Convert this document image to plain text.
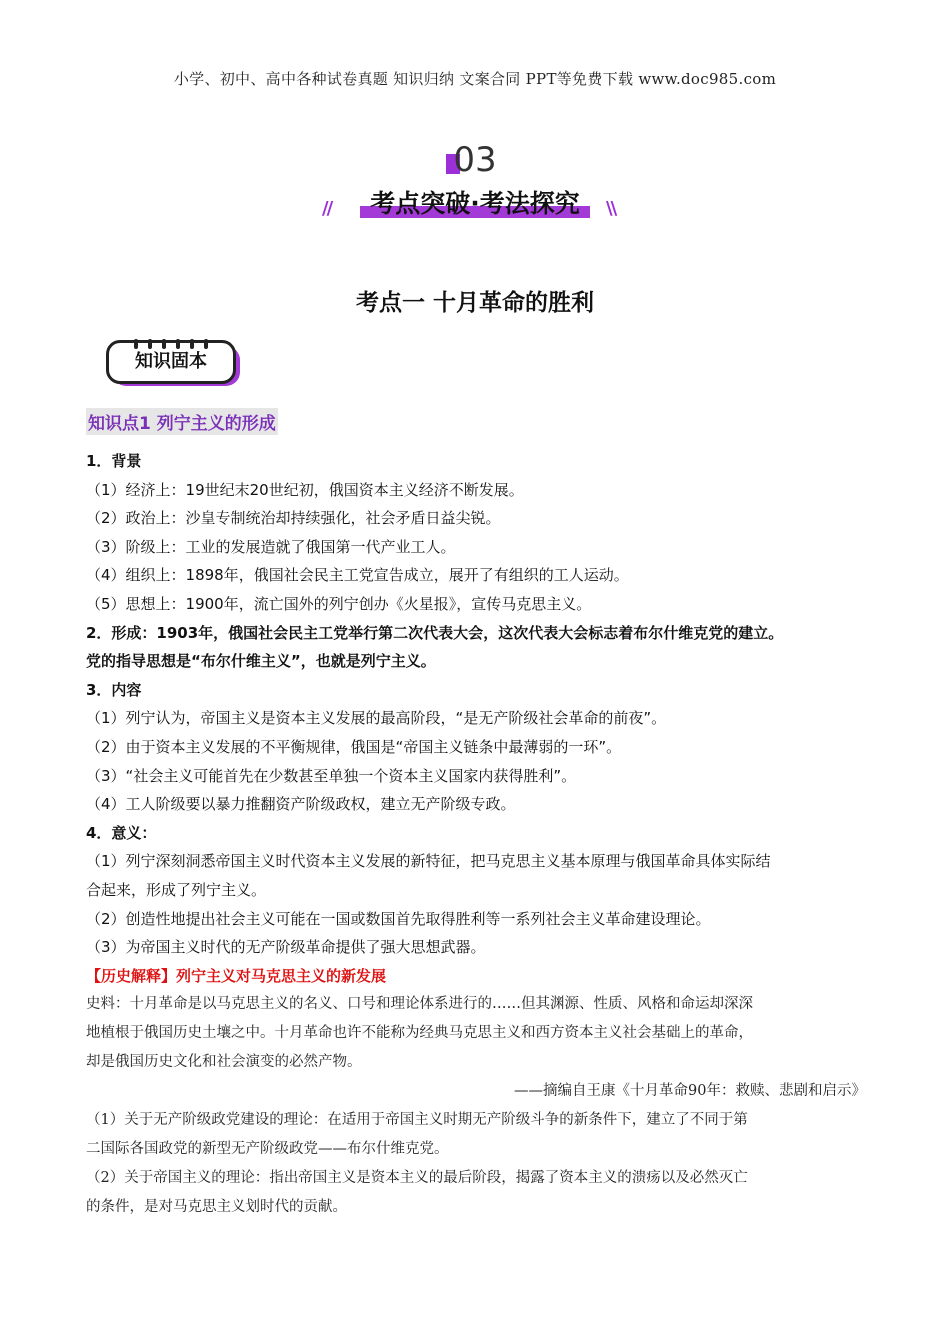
小学、初中、高中各种试卷真题 知识归纳 文案合同 PPT等免费下载 www.doc985.com
03
//	考点突破·考法探究	\\
考点一 十月革命的胜利
知识固本
知识点1 列宁主义的形成
1．背景
（1）经济上：19世纪末20世纪初，俄国资本主义经济不断发展。
（2）政治上：沙皇专制统治却持续强化，社会矛盾日益尖锐。
（3）阶级上：工业的发展造就了俄国第一代产业工人。
（4）组织上：1898年，俄国社会民主工党宣告成立，展开了有组织的工人运动。
（5）思想上：1900年，流亡国外的列宁创办《火星报》，宣传马克思主义。
2．形成：1903年，俄国社会民主工党举行第二次代表大会，这次代表大会标志着布尔什维克党的建立。
党的指导思想是“布尔什维主义”，也就是列宁主义。
3．内容
（1）列宁认为，帝国主义是资本主义发展的最高阶段，“是无产阶级社会革命的前夜”。
（2）由于资本主义发展的不平衡规律，俄国是“帝国主义链条中最薄弱的一环”。
（3）“社会主义可能首先在少数甚至单独一个资本主义国家内获得胜利”。
（4）工人阶级要以暴力推翻资产阶级政权，建立无产阶级专政。
4．意义：
（1）列宁深刻洞悉帝国主义时代资本主义发展的新特征，把马克思主义基本原理与俄国革命具体实际结
合起来，形成了列宁主义。
（2）创造性地提出社会主义可能在一国或数国首先取得胜利等一系列社会主义革命建设理论。
（3）为帝国主义时代的无产阶级革命提供了强大思想武器。
【历史解释】列宁主义对马克思主义的新发展
史料：十月革命是以马克思主义的名义、口号和理论体系进行的……但其渊源、性质、风格和命运却深深
地植根于俄国历史土壤之中。十月革命也许不能称为经典马克思主义和西方资本主义社会基础上的革命，
却是俄国历史文化和社会演变的必然产物。
——摘编自王康《十月革命90年：救赎、悲剧和启示》
（1）关于无产阶级政党建设的理论：在适用于帝国主义时期无产阶级斗争的新条件下，建立了不同于第
二国际各国政党的新型无产阶级政党——布尔什维克党。
（2）关于帝国主义的理论：指出帝国主义是资本主义的最后阶段，揭露了资本主义的溃疡以及必然灭亡
的条件，是对马克思主义划时代的贡献。
